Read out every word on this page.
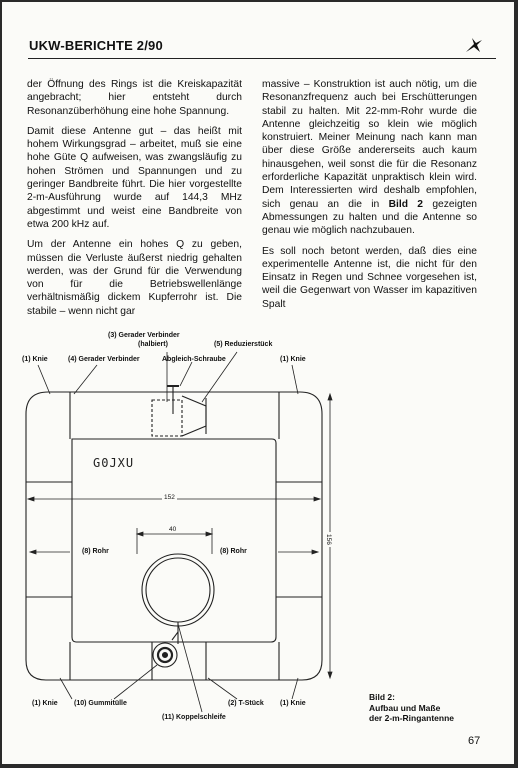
UKW-BERICHTE 2/90

der Öffnung des Rings ist die Kreiskapazität angebracht; hier entsteht durch Resonanzüberhöhung eine hohe Spannung.

Damit diese Antenne gut – das heißt mit hohem Wirkungsgrad – arbeitet, muß sie eine hohe Güte Q aufweisen, was zwangsläufig zu hohen Strömen und Spannungen und zu geringer Bandbreite führt. Die hier vorgestellte 2-m-Ausführung wurde auf 144,3 MHz abgestimmt und weist eine Bandbreite von etwa 200 kHz auf.

Um der Antenne ein hohes Q zu geben, müssen die Verluste äußerst niedrig gehalten werden, was der Grund für die Verwendung von für die Betriebswellenlänge verhältnismäßig dickem Kupferrohr ist. Die stabile – wenn nicht gar

massive – Konstruktion ist auch nötig, um die Resonanzfrequenz auch bei Erschütterungen stabil zu halten. Mit 22-mm-Rohr wurde die Antenne gleichzeitig so klein wie möglich konstruiert. Meiner Meinung nach kann man über diese Größe andererseits auch kaum hinausgehen, weil sonst die für die Resonanz erforderliche Kapazität unpraktisch klein wird. Dem Interessierten wird deshalb empfohlen, sich genau an die in Bild 2 gezeigten Abmessungen zu halten und die Antenne so genau wie möglich nachzubauen.

Es soll noch betont werden, daß dies eine experimentelle Antenne ist, die nicht für den Einsatz in Regen und Schnee vorgesehen ist, weil die Gegenwart von Wasser im kapazitiven Spalt

(3) Gerader Verbinder
(halbiert)	(5) Reduzierstück
(1) Knie	(4) Gerader Verbinder	Abgleich-Schraube	(1) Knie
G0JXU
152
156
40
(8) Rohr	(8) Rohr
(1) Knie (10) Gummitülle	(2) T-Stück (1) Knie
(11) Koppelschleife
Bild 2:
Aufbau und Maße
der 2-m-Ringantenne
67
